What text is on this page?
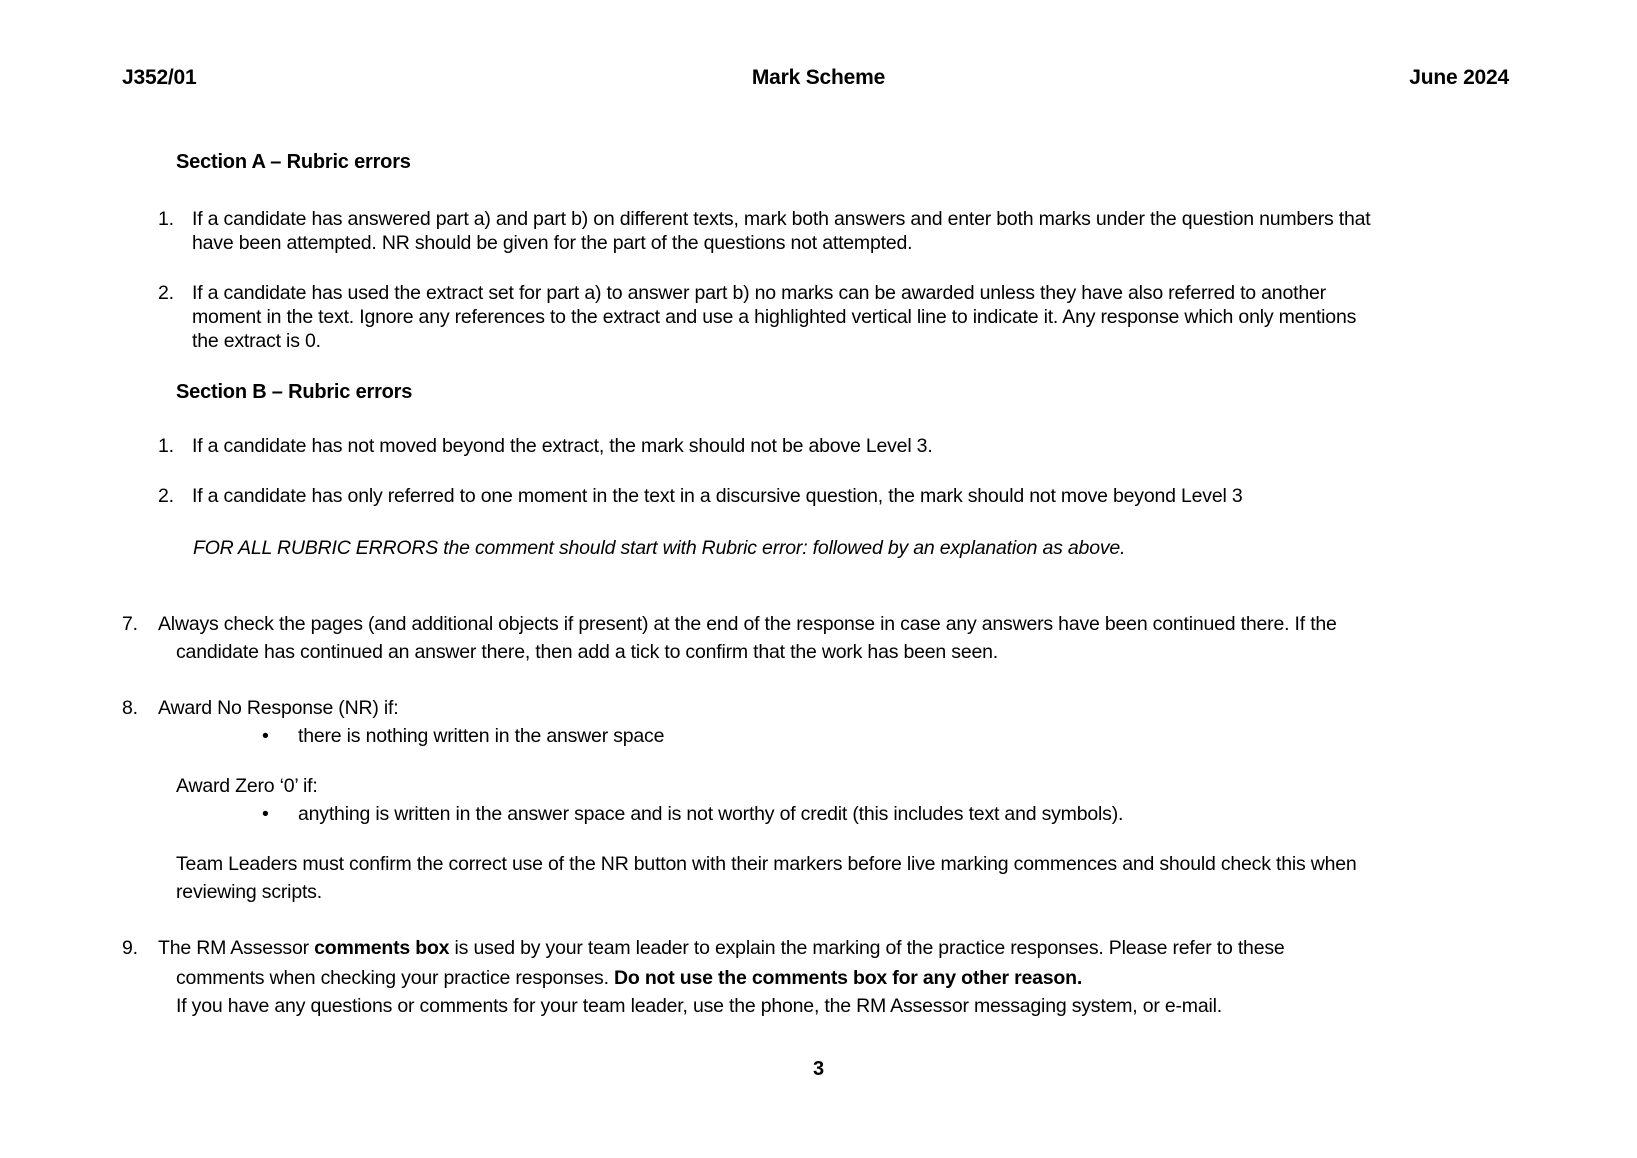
J352/01	Mark Scheme	June 2024
Section A – Rubric errors
1. If a candidate has answered part a) and part b) on different texts, mark both answers and enter both marks under the question numbers that
have been attempted. NR should be given for the part of the questions not attempted.
2. If a candidate has used the extract set for part a) to answer part b) no marks can be awarded unless they have also referred to another
moment in the text. Ignore any references to the extract and use a highlighted vertical line to indicate it. Any response which only mentions
the extract is 0.
Section B – Rubric errors
1. If a candidate has not moved beyond the extract, the mark should not be above Level 3.
2. If a candidate has only referred to one moment in the text in a discursive question, the mark should not move beyond Level 3
FOR ALL RUBRIC ERRORS the comment should start with Rubric error: followed by an explanation as above.
7. Always check the pages (and additional objects if present) at the end of the response in case any answers have been continued there. If the
candidate has continued an answer there, then add a tick to confirm that the work has been seen.
8. Award No Response (NR) if:
• there is nothing written in the answer space
Award Zero ‘0’ if:
• anything is written in the answer space and is not worthy of credit (this includes text and symbols).
Team Leaders must confirm the correct use of the NR button with their markers before live marking commences and should check this when
reviewing scripts.
9. The RM Assessor comments box is used by your team leader to explain the marking of the practice responses. Please refer to these
comments when checking your practice responses. Do not use the comments box for any other reason.
If you have any questions or comments for your team leader, use the phone, the RM Assessor messaging system, or e-mail.
3
